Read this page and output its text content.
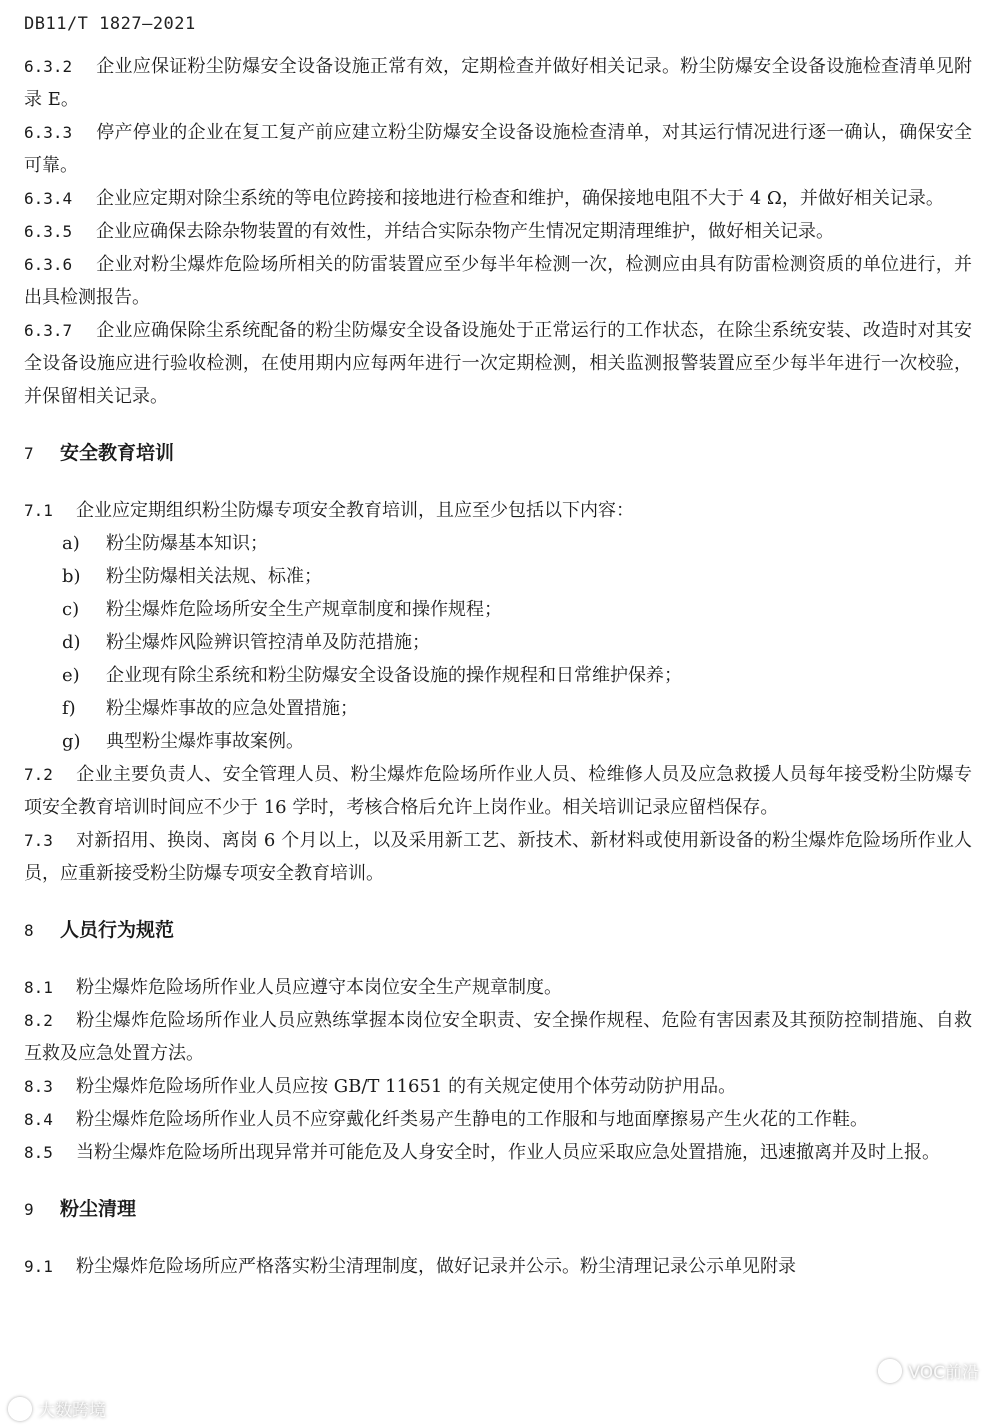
DB11/T 1827—2021

6.3.2 企业应保证粉尘防爆安全设备设施正常有效，定期检查并做好相关记录。粉尘防爆安全设备设施检查清单见附录 E。

6.3.3 停产停业的企业在复工复产前应建立粉尘防爆安全设备设施检查清单，对其运行情况进行逐一确认，确保安全可靠。

6.3.4 企业应定期对除尘系统的等电位跨接和接地进行检查和维护，确保接地电阻不大于 4 Ω，并做好相关记录。

6.3.5 企业应确保去除杂物装置的有效性，并结合实际杂物产生情况定期清理维护，做好相关记录。

6.3.6 企业对粉尘爆炸危险场所相关的防雷装置应至少每半年检测一次，检测应由具有防雷检测资质的单位进行，并出具检测报告。

6.3.7 企业应确保除尘系统配备的粉尘防爆安全设备设施处于正常运行的工作状态，在除尘系统安装、改造时对其安全设备设施应进行验收检测，在使用期内应每两年进行一次定期检测，相关监测报警装置应至少每半年进行一次校验，并保留相关记录。

7 安全教育培训

7.1 企业应定期组织粉尘防爆专项安全教育培训，且应至少包括以下内容：

a) 粉尘防爆基本知识；

b) 粉尘防爆相关法规、标准；

c) 粉尘爆炸危险场所安全生产规章制度和操作规程；

d) 粉尘爆炸风险辨识管控清单及防范措施；

e) 企业现有除尘系统和粉尘防爆安全设备设施的操作规程和日常维护保养；

f) 粉尘爆炸事故的应急处置措施；

g) 典型粉尘爆炸事故案例。

7.2 企业主要负责人、安全管理人员、粉尘爆炸危险场所作业人员、检维修人员及应急救援人员每年接受粉尘防爆专项安全教育培训时间应不少于 16 学时，考核合格后允许上岗作业。相关培训记录应留档保存。

7.3 对新招用、换岗、离岗 6 个月以上，以及采用新工艺、新技术、新材料或使用新设备的粉尘爆炸危险场所作业人员，应重新接受粉尘防爆专项安全教育培训。

8 人员行为规范

8.1 粉尘爆炸危险场所作业人员应遵守本岗位安全生产规章制度。

8.2 粉尘爆炸危险场所作业人员应熟练掌握本岗位安全职责、安全操作规程、危险有害因素及其预防控制措施、自救互救及应急处置方法。

8.3 粉尘爆炸危险场所作业人员应按 GB/T 11651 的有关规定使用个体劳动防护用品。

8.4 粉尘爆炸危险场所作业人员不应穿戴化纤类易产生静电的工作服和与地面摩擦易产生火花的工作鞋。

8.5 当粉尘爆炸危险场所出现异常并可能危及人身安全时，作业人员应采取应急处置措施，迅速撤离并及时上报。

9 粉尘清理

9.1 粉尘爆炸危险场所应严格落实粉尘清理制度，做好记录并公示。粉尘清理记录公示单见附录

大数跨境
VOC前沿
